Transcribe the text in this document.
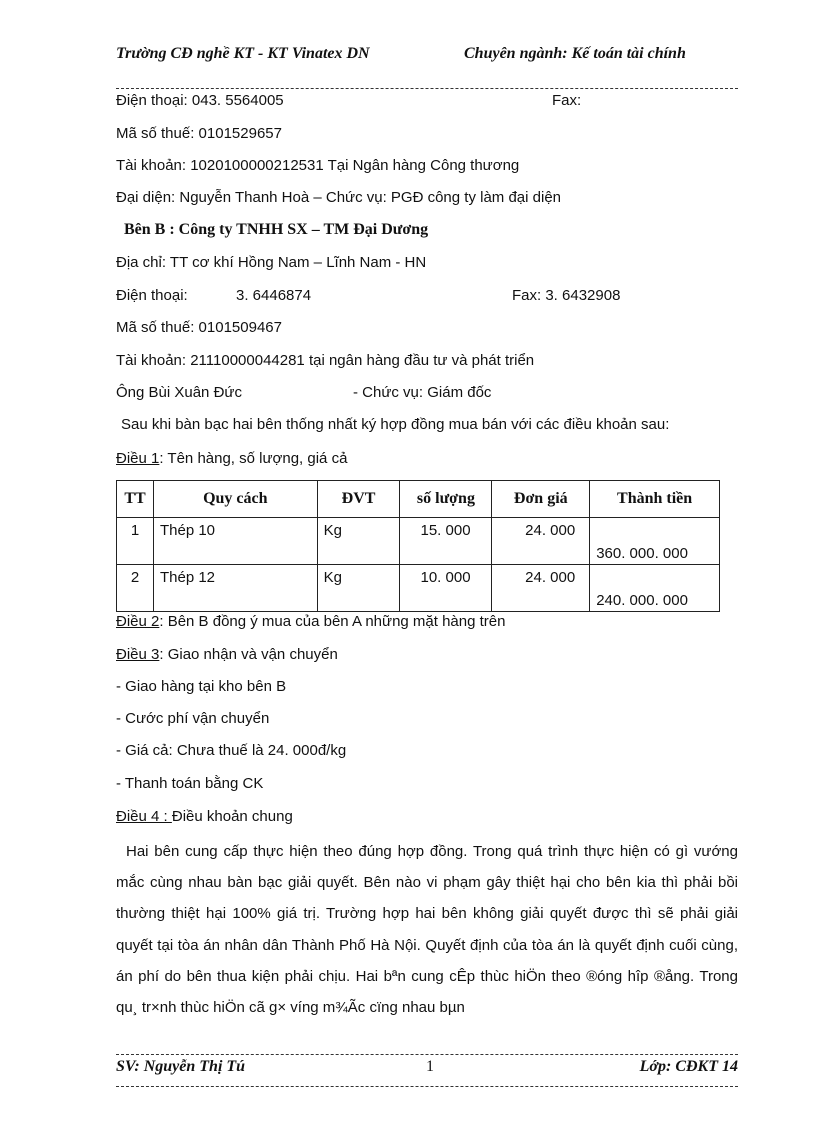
Trường CĐ nghề KT - KT Vinatex DN	Chuyên ngành: Kế toán tài chính
Điện thoại: 043. 5564005	Fax:
Mã số thuế: 0101529657
Tài khoản: 1020100000212531 Tại Ngân hàng Công thương
Đại diện: Nguyễn Thanh Hoà – Chức vụ: PGĐ công ty làm đại diện
Bên B : Công ty TNHH SX – TM Đại Dương
Địa chỉ: TT cơ khí Hồng Nam – Lĩnh Nam - HN
Điện thoại:	3. 6446874	Fax: 3. 6432908
Mã số thuế: 0101509467
Tài khoản: 21110000044281 tại ngân hàng đầu tư và phát triển
Ông Bùi Xuân Đức	- Chức vụ: Giám đốc
Sau khi bàn bạc hai bên thống nhất ký hợp đồng mua bán với các điều khoản sau:
Điều 1: Tên hàng, số lượng, giá cả
TT	Quy cách	ĐVT	số lượng	Đơn giá	Thành tiền
1	Thép 10	Kg	15. 000	24. 000	360. 000. 000
2	Thép 12	Kg	10. 000	24. 000	240. 000. 000
Điều 2: Bên B đồng ý mua của bên A những mặt hàng trên
Điều 3: Giao nhận và vận chuyển
- Giao hàng tại kho bên B
- Cước phí vận chuyển
- Giá cả: Chưa thuế là 24. 000đ/kg
- Thanh toán bằng CK
Điều 4 : Điều khoản chung
Hai bên cung cấp thực hiện theo đúng hợp đồng. Trong quá trình thực hiện có gì vướng mắc cùng nhau bàn bạc giải quyết. Bên nào vi phạm gây thiệt hại cho bên kia thì phải bồi thường thiệt hại 100% giá trị. Trường hợp hai bên không giải quyết được thì sẽ phải giải quyết tại tòa án nhân dân Thành Phố Hà Nội. Quyết định của tòa án là quyết định cuối cùng, án phí do bên thua kiện phải chịu. Hai bªn cung cÊp thùc hiÖn theo ®óng hîp ®ång. Trong qu¸ tr×nh thùc hiÖn cã g× víng m¾Ãc cïng nhau bµn
SV: Nguyễn Thị Tú	1	Lớp: CĐKT 14
